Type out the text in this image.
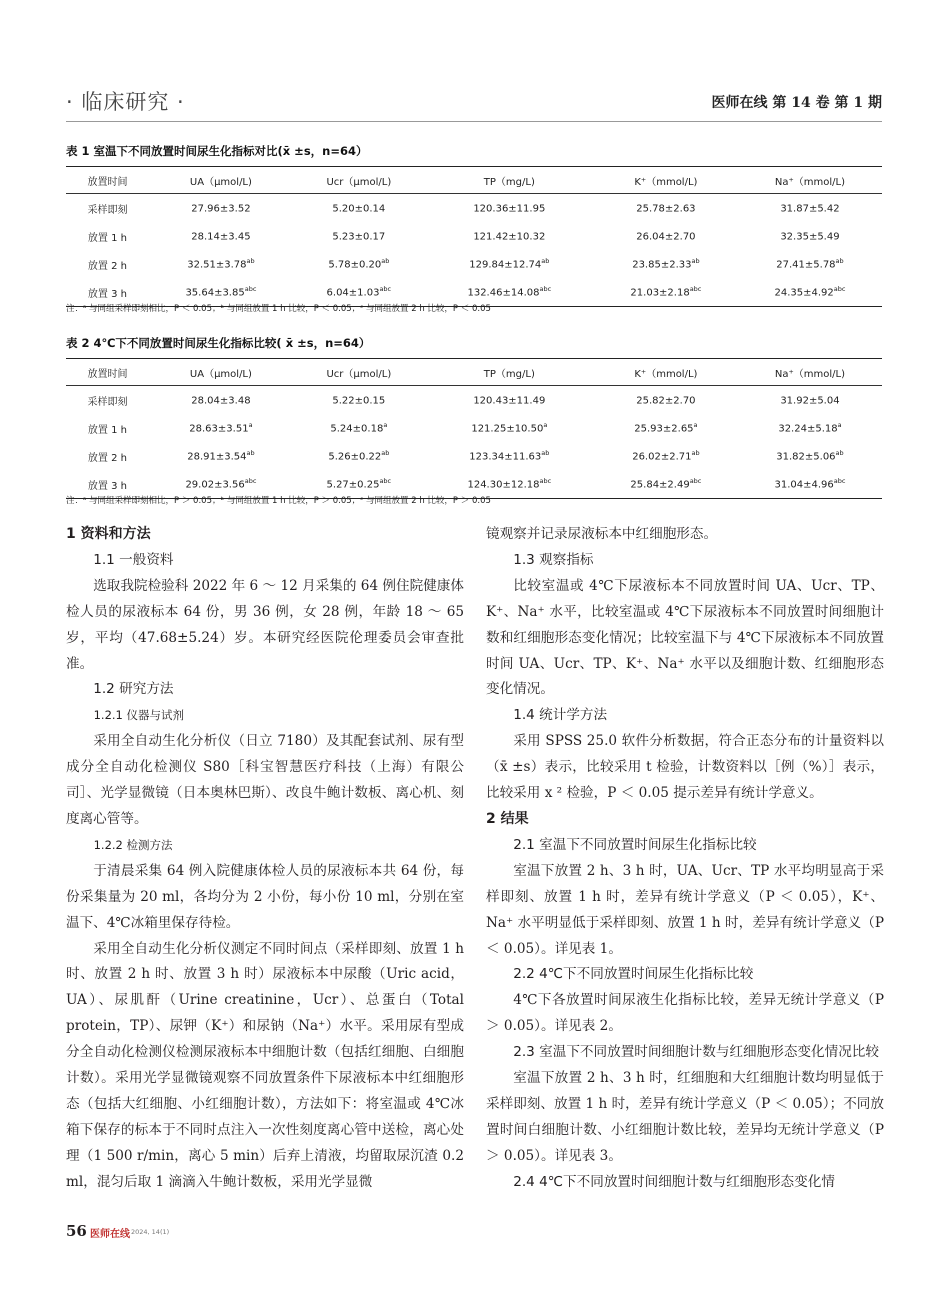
· 临床研究 ·	医师在线 第 14 卷 第 1 期
表 1 室温下不同放置时间尿生化指标对比(x̄ ±s，n=64）
放置时间	UA（μmol/L)	Ucr（μmol/L)	TP（mg/L)	K⁺（mmol/L)	Na⁺（mmol/L)
采样即刻	27.96±3.52	5.20±0.14	120.36±11.95	25.78±2.63	31.87±5.42
放置 1 h	28.14±3.45	5.23±0.17	121.42±10.32	26.04±2.70	32.35±5.49
放置 2 h	32.51±3.78$^{ab}$	5.78±0.20$^{ab}$	129.84±12.74$^{ab}$	23.85±2.33$^{ab}$	27.41±5.78$^{ab}$
放置 3 h	35.64±3.85$^{abc}$	6.04±1.03$^{abc}$	132.46±14.08$^{abc}$	21.03±2.18$^{abc}$	24.35±4.92$^{abc}$
注：ᵃ 与同组采样即刻相比，P ＜ 0.05；ᵇ 与同组放置 1 h 比较，P ＜ 0.05；ᶜ 与同组放置 2 h 比较，P ＜ 0.05
表 2 4℃下不同放置时间尿生化指标比较( x̄ ±s，n=64）
放置时间	UA（μmol/L)	Ucr（μmol/L)	TP（mg/L)	K⁺（mmol/L)	Na⁺（mmol/L)
采样即刻	28.04±3.48	5.22±0.15	120.43±11.49	25.82±2.70	31.92±5.04
放置 1 h	28.63±3.51$^a$	5.24±0.18$^a$	121.25±10.50$^a$	25.93±2.65$^a$	32.24±5.18$^a$
放置 2 h	28.91±3.54$^{ab}$	5.26±0.22$^{ab}$	123.34±11.63$^{ab}$	26.02±2.71$^{ab}$	31.82±5.06$^{ab}$
放置 3 h	29.02±3.56$^{abc}$	5.27±0.25$^{abc}$	124.30±12.18$^{abc}$	25.84±2.49$^{abc}$	31.04±4.96$^{abc}$
注：ᵃ 与同组采样即刻相比，P ＞ 0.05；ᵇ 与同组放置 1 h 比较，P ＞ 0.05；ᶜ 与同组放置 2 h 比较，P ＞ 0.05

1 资料和方法

1.1 一般资料

选取我院检验科 2022 年 6 ～ 12 月采集的 64 例住院健康体检人员的尿液标本 64 份，男 36 例，女 28 例，年龄 18 ～ 65 岁，平均（47.68±5.24）岁。本研究经医院伦理委员会审查批准。

1.2 研究方法

1.2.1 仪器与试剂

采用全自动生化分析仪（日立 7180）及其配套试剂、尿有型成分全自动化检测仪 S80［科宝智慧医疗科技（上海）有限公司］、光学显微镜（日本奥林巴斯）、改良牛鲍计数板、离心机、刻度离心管等。

1.2.2 检测方法

于清晨采集 64 例入院健康体检人员的尿液标本共 64 份，每份采集量为 20 ml，各均分为 2 小份，每小份 10 ml，分别在室温下、4℃冰箱里保存待检。

采用全自动生化分析仪测定不同时间点（采样即刻、放置 1 h 时、放置 2 h 时、放置 3 h 时）尿液标本中尿酸（Uric acid，UA）、尿肌酐（Urine creatinine，Ucr）、总蛋白（Total protein，TP）、尿钾（K⁺）和尿钠（Na⁺）水平。采用尿有型成分全自动化检测仪检测尿液标本中细胞计数（包括红细胞、白细胞计数）。采用光学显微镜观察不同放置条件下尿液标本中红细胞形态（包括大红细胞、小红细胞计数），方法如下：将室温或 4℃冰箱下保存的标本于不同时点注入一次性刻度离心管中送检，离心处理（1 500 r/min，离心 5 min）后弃上清液，均留取尿沉渣 0.2 ml，混匀后取 1 滴滴入牛鲍计数板，采用光学显微

镜观察并记录尿液标本中红细胞形态。

1.3 观察指标

比较室温或 4℃下尿液标本不同放置时间 UA、Ucr、TP、K⁺、Na⁺ 水平，比较室温或 4℃下尿液标本不同放置时间细胞计数和红细胞形态变化情况；比较室温下与 4℃下尿液标本不同放置时间 UA、Ucr、TP、K⁺、Na⁺ 水平以及细胞计数、红细胞形态变化情况。

1.4 统计学方法

采用 SPSS 25.0 软件分析数据，符合正态分布的计量资料以（x̄ ±s）表示，比较采用 t 检验，计数资料以［例（%）］表示，比较采用 x ² 检验，P ＜ 0.05 提示差异有统计学意义。

2 结果

2.1 室温下不同放置时间尿生化指标比较

室温下放置 2 h、3 h 时，UA、Ucr、TP 水平均明显高于采样即刻、放置 1 h 时，差异有统计学意义（P ＜ 0.05），K⁺、Na⁺ 水平明显低于采样即刻、放置 1 h 时，差异有统计学意义（P ＜ 0.05）。详见表 1。

2.2 4℃下不同放置时间尿生化指标比较

4℃下各放置时间尿液生化指标比较，差异无统计学意义（P ＞ 0.05）。详见表 2。

2.3 室温下不同放置时间细胞计数与红细胞形态变化情况比较

室温下放置 2 h、3 h 时，红细胞和大红细胞计数均明显低于采样即刻、放置 1 h 时，差异有统计学意义（P ＜ 0.05）；不同放置时间白细胞计数、小红细胞计数比较，差异均无统计学意义（P ＞ 0.05）。详见表 3。

2.4 4℃下不同放置时间细胞计数与红细胞形态变化情

56 医师在线 2024, 14(1)
